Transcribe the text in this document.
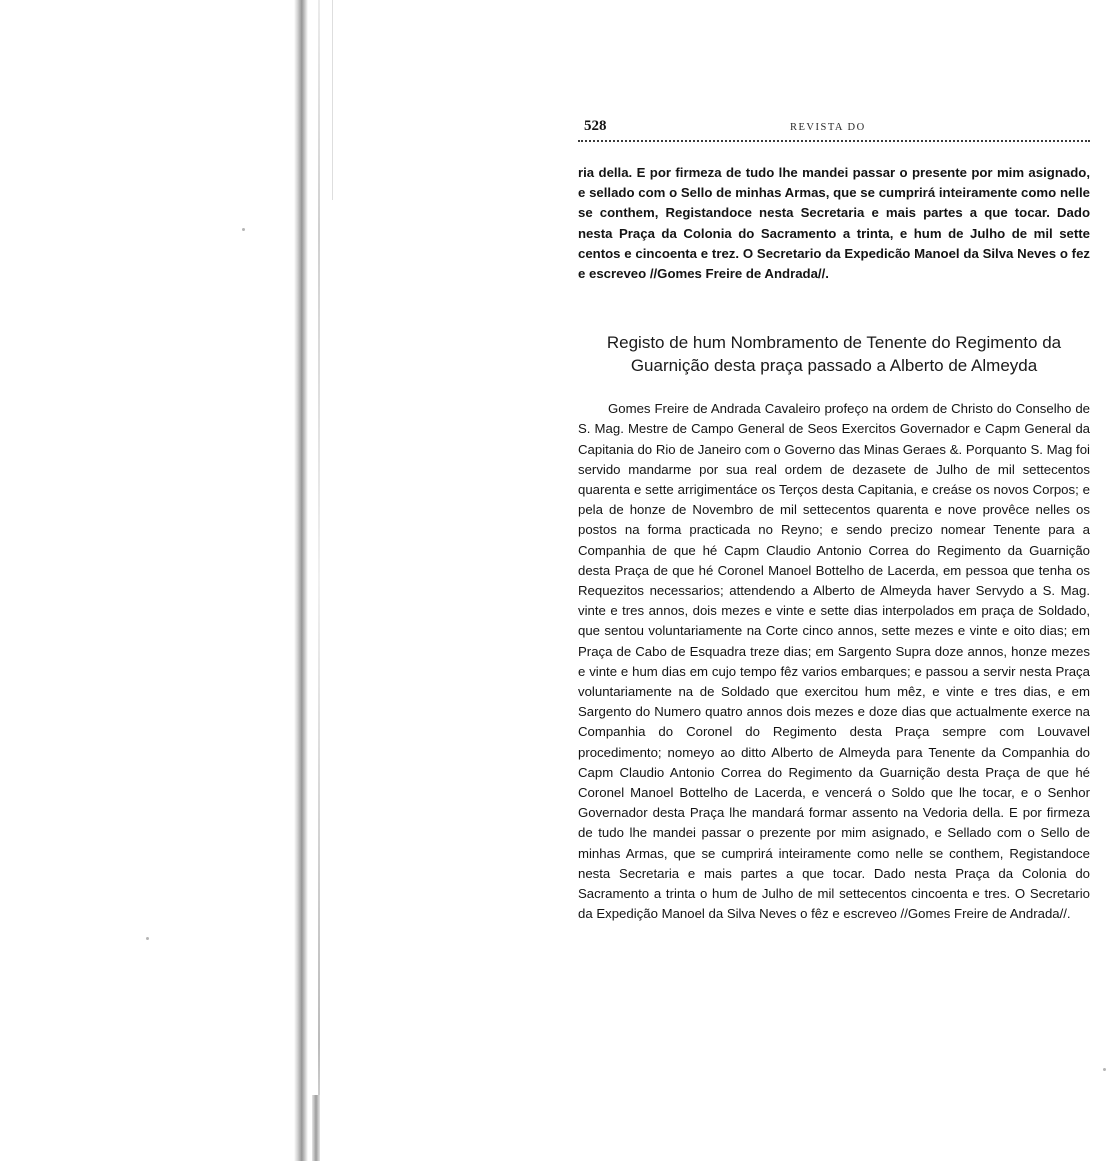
528	REVISTA DO

ria della. E por firmeza de tudo lhe mandei passar o presente por mim asignado, e sellado com o Sello de minhas Armas, que se cumprirá inteiramente como nelle se conthem, Registandoce nesta Secretaria e mais partes a que tocar. Dado nesta Praça da Colonia do Sacramento a trinta, e hum de Julho de mil sette centos e cincoenta e trez. O Secretario da Expedicão Manoel da Silva Neves o fez e escreveo //Gomes Freire de Andrada//.

Registo de hum Nombramento de Tenente do Regimento da
Guarnição desta praça passado a Alberto de Almeyda

Gomes Freire de Andrada Cavaleiro profeço na ordem de Christo do Conselho de S. Mag. Mestre de Campo General de Seos Exercitos Governador e Capm General da Capitania do Rio de Janeiro com o Governo das Minas Geraes &. Porquanto S. Mag foi servido mandarme por sua real ordem de dezasete de Julho de mil settecentos quarenta e sette arrigimentáce os Terços desta Capitania, e creáse os novos Corpos; e pela de honze de Novembro de mil settecentos quarenta e nove provêce nelles os postos na forma practicada no Reyno; e sendo precizo nomear Tenente para a Companhia de que hé Capm Claudio Antonio Correa do Regimento da Guarnição desta Praça de que hé Coronel Manoel Bottelho de Lacerda, em pessoa que tenha os Requezitos necessarios; attendendo a Alberto de Almeyda haver Servydo a S. Mag. vinte e tres annos, dois mezes e vinte e sette dias interpolados em praça de Soldado, que sentou voluntariamente na Corte cinco annos, sette mezes e vinte e oito dias; em Praça de Cabo de Esquadra treze dias; em Sargento Supra doze annos, honze mezes e vinte e hum dias em cujo tempo fêz varios embarques; e passou a servir nesta Praça voluntariamente na de Soldado que exercitou hum mêz, e vinte e tres dias, e em Sargento do Numero quatro annos dois mezes e doze dias que actualmente exerce na Companhia do Coronel do Regimento desta Praça sempre com Louvavel procedimento; nomeyo ao ditto Alberto de Almeyda para Tenente da Companhia do Capm Claudio Antonio Correa do Regimento da Guarnição desta Praça de que hé Coronel Manoel Bottelho de Lacerda, e vencerá o Soldo que lhe tocar, e o Senhor Governador desta Praça lhe mandará formar assento na Vedoria della. E por firmeza de tudo lhe mandei passar o prezente por mim asignado, e Sellado com o Sello de minhas Armas, que se cumprirá inteiramente como nelle se conthem, Registandoce nesta Secretaria e mais partes a que tocar. Dado nesta Praça da Colonia do Sacramento a trinta o hum de Julho de mil settecentos cincoenta e tres. O Secretario da Expedição Manoel da Silva Neves o fêz e escreveo //Gomes Freire de Andrada//.
